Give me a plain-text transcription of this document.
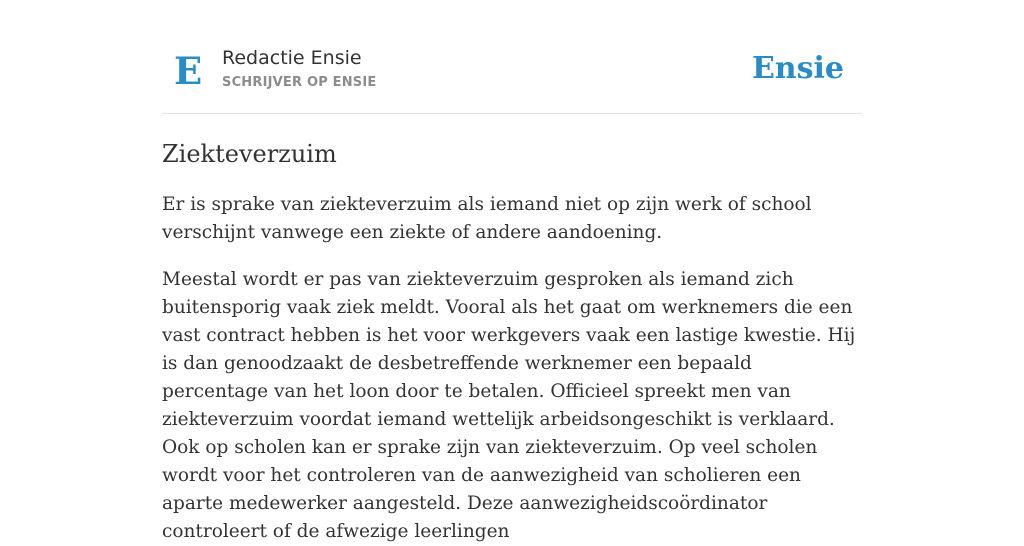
E Redactie Ensie
SCHRIJVER OP ENSIE	Ensie
Ziekteverzuim

Er is sprake van ziekteverzuim als iemand niet op zijn werk of school verschijnt vanwege een ziekte of andere aandoening.

Meestal wordt er pas van ziekteverzuim gesproken als iemand zich buitensporig vaak ziek meldt. Vooral als het gaat om werknemers die een vast contract hebben is het voor werkgevers vaak een lastige kwestie. Hij is dan genoodzaakt de desbetreffende werknemer een bepaald percentage van het loon door te betalen. Officieel spreekt men van ziekteverzuim voordat iemand wettelijk arbeidsongeschikt is verklaard.

Ook op scholen kan er sprake zijn van ziekteverzuim. Op veel scholen wordt voor het controleren van de aanwezigheid van scholieren een aparte medewerker aangesteld. Deze aanwezigheidscoördinator controleert of de afwezige leerlingen
